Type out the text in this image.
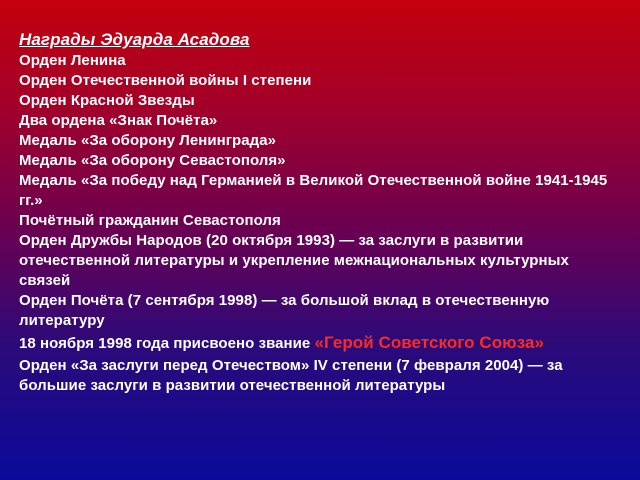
Награды Эдуарда Асадова

Орден Ленина

Орден Отечественной войны I степени

Орден Красной Звезды

Два ордена «Знак Почёта»

Медаль «За оборону Ленинграда»

Медаль «За оборону Севастополя»

Медаль «За победу над Германией в Великой Отечественной войне 1941-1945 гг.»

Почётный гражданин Севастополя

Орден Дружбы Народов (20 октября 1993) — за заслуги в развитии отечественной литературы и укрепление межнациональных культурных связей

Орден Почёта (7 сентября 1998) — за большой вклад в отечественную литературу

18 ноября 1998 года присвоено звание «Герой Советского Союза»

Орден «За заслуги перед Отечеством» IV степени (7 февраля 2004) — за большие заслуги в развитии отечественной литературы
